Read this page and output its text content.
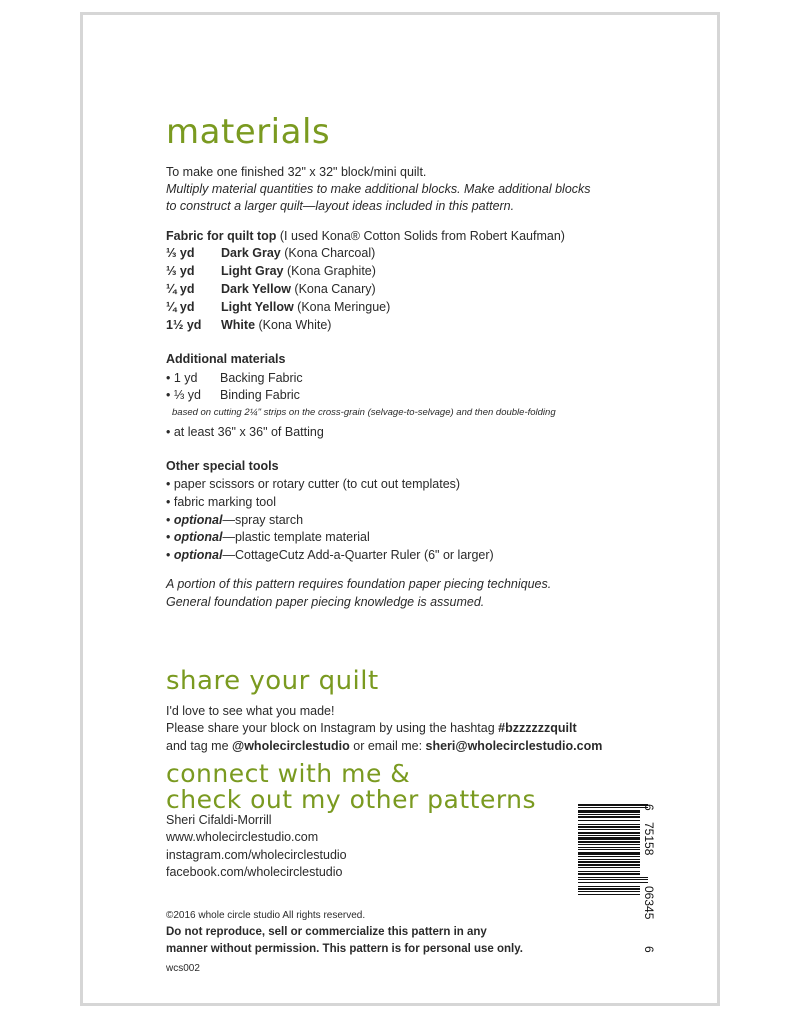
materials
To make one finished 32" x 32" block/mini quilt.
Multiply material quantities to make additional blocks. Make additional blocks
to construct a larger quilt—layout ideas included in this pattern.
Fabric for quilt top (I used Kona® Cotton Solids from Robert Kaufman)
⅓ yd Dark Gray (Kona Charcoal)
⅓ yd Light Gray (Kona Graphite)
¼ yd Dark Yellow (Kona Canary)
¼ yd Light Yellow (Kona Meringue)
1½ yd White (Kona White)
Additional materials
• 1 yd Backing Fabric
• ⅓ yd Binding Fabric
based on cutting 2¼" strips on the cross-grain (selvage-to-selvage) and then double-folding
• at least 36" x 36" of Batting
Other special tools
• paper scissors or rotary cutter (to cut out templates)
• fabric marking tool
• optional—spray starch
• optional—plastic template material
• optional—CottageCutz Add-a-Quarter Ruler (6" or larger)
A portion of this pattern requires foundation paper piecing techniques.
General foundation paper piecing knowledge is assumed.
share your quilt
I'd love to see what you made!
Please share your block on Instagram by using the hashtag #bzzzzzzquilt
and tag me @wholecirclestudio or email me: sheri@wholecirclestudio.com
connect with me &
check out my other patterns
Sheri Cifaldi-Morrill
www.wholecirclestudio.com
instagram.com/wholecirclestudio
facebook.com/wholecirclestudio
©2016 whole circle studio All rights reserved.
Do not reproduce, sell or commercialize this pattern in any
manner without permission. This pattern is for personal use only.
wcs002
6
75158
06345
6
